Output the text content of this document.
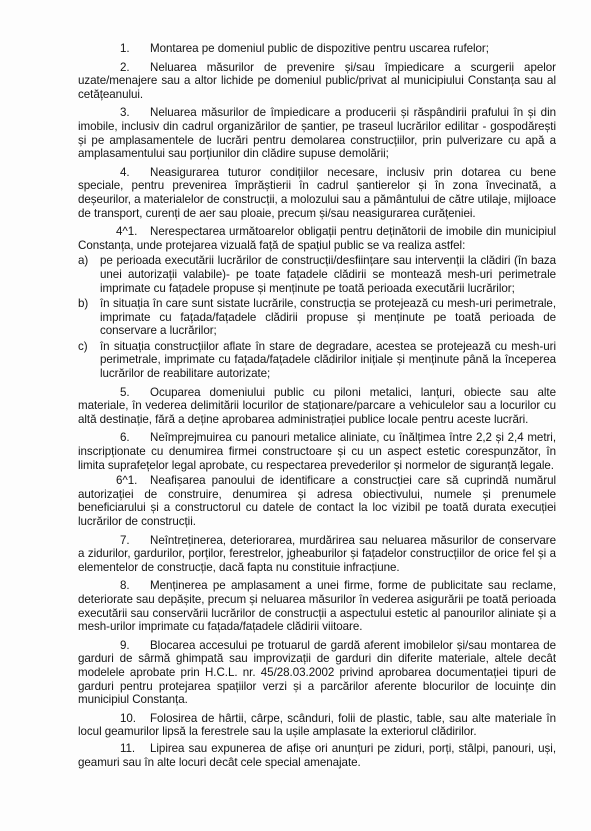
1. Montarea pe domeniul public de dispozitive pentru uscarea rufelor;

2. Neluarea măsurilor de prevenire și/sau împiedicare a scurgerii apelor uzate/menajere sau a altor lichide pe domeniul public/privat al municipiului Constanța sau al cetățeanului.

3. Neluarea măsurilor de împiedicare a producerii și răspândirii prafului în și din imobile, inclusiv din cadrul organizărilor de șantier, pe traseul lucrărilor edilitar - gospodărești și pe amplasamentele de lucrări pentru demolarea construcțiilor, prin pulverizare cu apă a amplasamentului sau porțiunilor din clădire supuse demolării;

4. Neasigurarea tuturor condițiilor necesare, inclusiv prin dotarea cu bene speciale, pentru prevenirea împrăștierii în cadrul șantierelor și în zona învecinată, a deșeurilor, a materialelor de construcții, a molozului sau a pământului de către utilaje, mijloace de transport, curenți de aer sau ploaie, precum și/sau neasigurarea curățeniei.

4^1. Nerespectarea următoarelor obligații pentru deținătorii de imobile din municipiul Constanța, unde protejarea vizuală față de spațiul public se va realiza astfel:

a) pe perioada executării lucrărilor de construcții/desființare sau intervenții la clădiri (în baza unei autorizații valabile)- pe toate fațadele clădirii se montează mesh-uri perimetrale imprimate cu fațadele propuse și menținute pe toată perioada executării lucrărilor;

b) în situația în care sunt sistate lucrările, construcția se protejează cu mesh-uri perimetrale, imprimate cu fațada/fațadele clădirii propuse și menținute pe toată perioada de conservare a lucrărilor;

c) în situația construcțiilor aflate în stare de degradare, acestea se protejează cu mesh-uri perimetrale, imprimate cu fațada/fațadele clădirilor inițiale și menținute până la începerea lucrărilor de reabilitare autorizate;

5. Ocuparea domeniului public cu piloni metalici, lanțuri, obiecte sau alte materiale, în vederea delimitării locurilor de staționare/parcare a vehiculelor sau a locurilor cu altă destinație, fără a deține aprobarea administrației publice locale pentru aceste lucrări.

6. Neîmprejmuirea cu panouri metalice aliniate, cu înălțimea între 2,2 și 2,4 metri, inscripționate cu denumirea firmei constructoare și cu un aspect estetic corespunzător, în limita suprafețelor legal aprobate, cu respectarea prevederilor și normelor de siguranță legale.

6^1. Neafișarea panoului de identificare a construcției care să cuprindă numărul autorizației de construire, denumirea și adresa obiectivului, numele și prenumele beneficiarului și a constructorul cu datele de contact la loc vizibil pe toată durata execuției lucrărilor de construcții.

7. Neîntreținerea, deteriorarea, murdărirea sau neluarea măsurilor de conservare a zidurilor, gardurilor, porților, ferestrelor, jgheaburilor și fațadelor construcțiilor de orice fel și a elementelor de construcție, dacă fapta nu constituie infracțiune.

8. Menținerea pe amplasament a unei firme, forme de publicitate sau reclame, deteriorate sau depășite, precum și neluarea măsurilor în vederea asigurării pe toată perioada executării sau conservării lucrărilor de construcții a aspectului estetic al panourilor aliniate și a mesh-urilor imprimate cu fațada/fațadele clădirii viitoare.

9. Blocarea accesului pe trotuarul de gardă aferent imobilelor și/sau montarea de garduri de sârmă ghimpată sau improvizații de garduri din diferite materiale, altele decât modelele aprobate prin H.C.L. nr. 45/28.03.2002 privind aprobarea documentației tipuri de garduri pentru protejarea spațiilor verzi și a parcărilor aferente blocurilor de locuințe din municipiul Constanța.

10. Folosirea de hârtii, cârpe, scânduri, folii de plastic, table, sau alte materiale în locul geamurilor lipsă la ferestrele sau la ușile amplasate la exteriorul clădirilor.

11. Lipirea sau expunerea de afișe ori anunțuri pe ziduri, porți, stâlpi, panouri, uși, geamuri sau în alte locuri decât cele special amenajate.
